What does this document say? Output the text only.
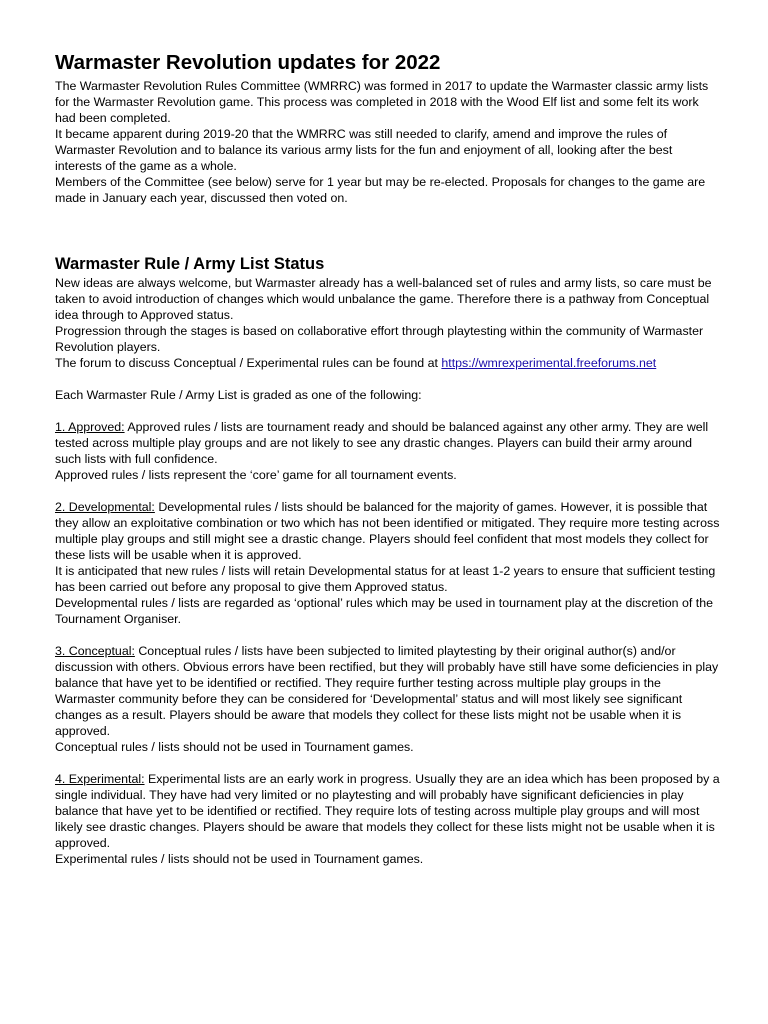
Warmaster Revolution updates for 2022

The Warmaster Revolution Rules Committee (WMRRC) was formed in 2017 to update the Warmaster classic army lists for the Warmaster Revolution game. This process was completed in 2018 with the Wood Elf list and some felt its work had been completed.

It became apparent during 2019-20 that the WMRRC was still needed to clarify, amend and improve the rules of Warmaster Revolution and to balance its various army lists for the fun and enjoyment of all, looking after the best interests of the game as a whole.

Members of the Committee (see below) serve for 1 year but may be re-elected. Proposals for changes to the game are made in January each year, discussed then voted on.

Warmaster Rule / Army List Status

New ideas are always welcome, but Warmaster already has a well-balanced set of rules and army lists, so care must be taken to avoid introduction of changes which would unbalance the game. Therefore there is a pathway from Conceptual idea through to Approved status.

Progression through the stages is based on collaborative effort through playtesting within the community of Warmaster Revolution players.

The forum to discuss Conceptual / Experimental rules can be found at https://wmrexperimental.freeforums.net

Each Warmaster Rule / Army List is graded as one of the following:

1. Approved: Approved rules / lists are tournament ready and should be balanced against any other army. They are well tested across multiple play groups and are not likely to see any drastic changes. Players can build their army around such lists with full confidence.

Approved rules / lists represent the ‘core’ game for all tournament events.

2. Developmental: Developmental rules / lists should be balanced for the majority of games. However, it is possible that they allow an exploitative combination or two which has not been identified or mitigated. They require more testing across multiple play groups and still might see a drastic change. Players should feel confident that most models they collect for these lists will be usable when it is approved.

It is anticipated that new rules / lists will retain Developmental status for at least 1-2 years to ensure that sufficient testing has been carried out before any proposal to give them Approved status.

Developmental rules / lists are regarded as ‘optional’ rules which may be used in tournament play at the discretion of the Tournament Organiser.

3. Conceptual: Conceptual rules / lists have been subjected to limited playtesting by their original author(s) and/or discussion with others. Obvious errors have been rectified, but they will probably have still have some deficiencies in play balance that have yet to be identified or rectified. They require further testing across multiple play groups in the Warmaster community before they can be considered for ‘Developmental’ status and will most likely see significant changes as a result. Players should be aware that models they collect for these lists might not be usable when it is approved.

Conceptual rules / lists should not be used in Tournament games.

4. Experimental: Experimental lists are an early work in progress. Usually they are an idea which has been proposed by a single individual. They have had very limited or no playtesting and will probably have significant deficiencies in play balance that have yet to be identified or rectified. They require lots of testing across multiple play groups and will most likely see drastic changes. Players should be aware that models they collect for these lists might not be usable when it is approved.

Experimental rules / lists should not be used in Tournament games.
